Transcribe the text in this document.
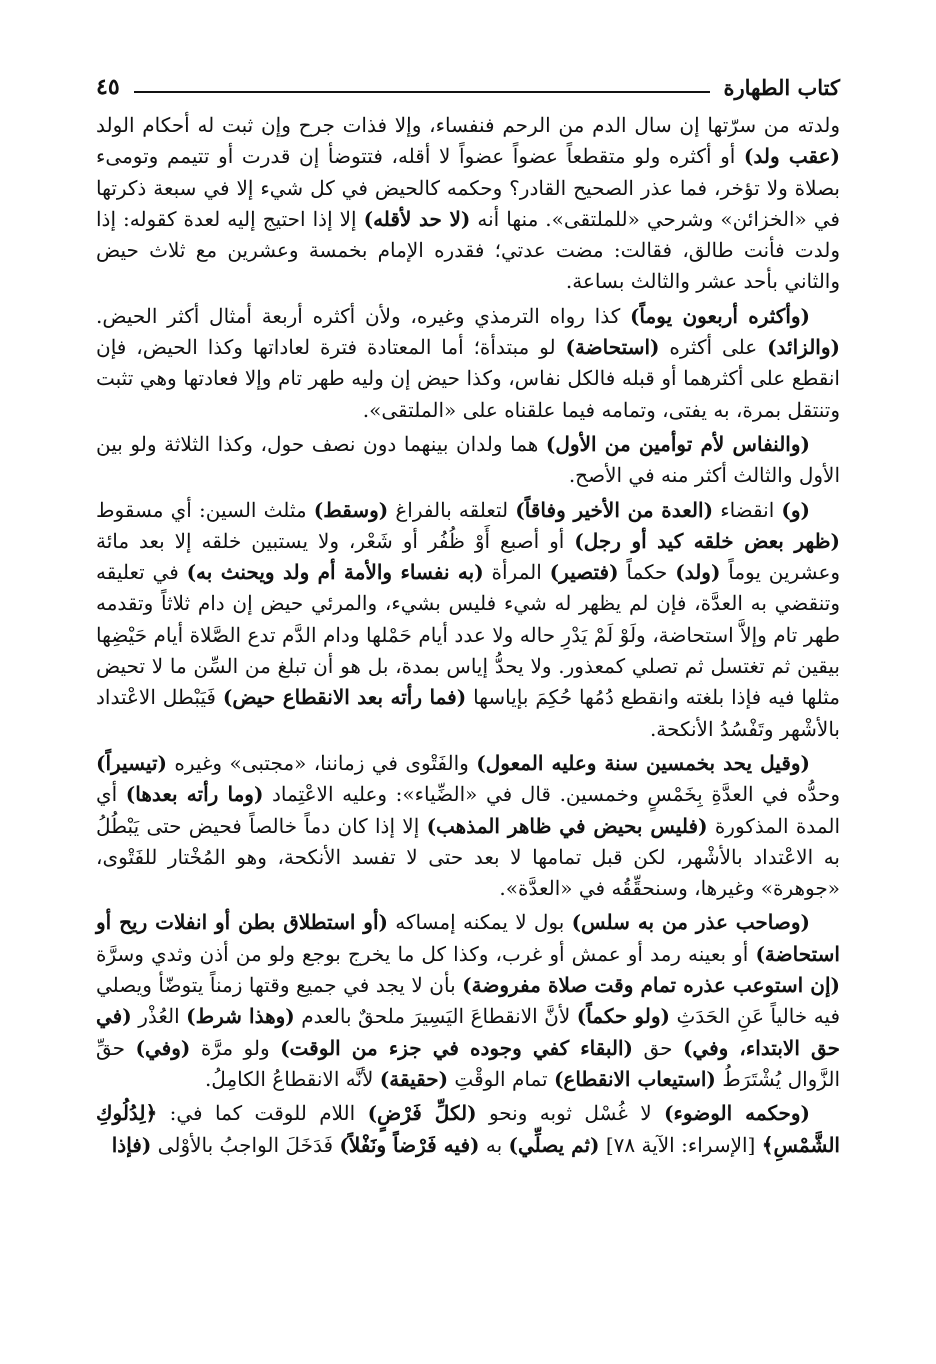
كتاب الطهارة
٤٥

ولدته من سرّتها إن سال الدم من الرحم فنفساء، وإلا فذات جرح وإن ثبت له أحكام الولد (عقب ولد) أو أكثره ولو متقطعاً عضواً عضواً لا أقله، فتتوضأ إن قدرت أو تتيمم وتومىء بصلاة ولا تؤخر، فما عذر الصحيح القادر؟ وحكمه كالحيض في كل شيء إلا في سبعة ذكرتها في «الخزائن» وشرحي «للملتقى». منها أنه (لا حد لأقله) إلا إذا احتيج إليه لعدة كقوله: إذا ولدت فأنت طالق، فقالت: مضت عدتي؛ فقدره الإمام بخمسة وعشرين مع ثلاث حيض والثاني بأحد عشر والثالث بساعة.

(وأكثره أربعون يوماً) كذا رواه الترمذي وغيره، ولأن أكثره أربعة أمثال أكثر الحيض. (والزائد) على أكثره (استحاضة) لو مبتدأة؛ أما المعتادة فترة لعاداتها وكذا الحيض، فإن انقطع على أكثرهما أو قبله فالكل نفاس، وكذا حيض إن وليه طهر تام وإلا فعادتها وهي تثبت وتنتقل بمرة، به يفتى، وتمامه فيما علقناه على «الملتقى».

(والنفاس لأم توأمين من الأول) هما ولدان بينهما دون نصف حول، وكذا الثلاثة ولو بين الأول والثالث أكثر منه في الأصح.

(و) انقضاء (العدة من الأخير وفاقاً) لتعلقه بالفراغ (وسقط) مثلث السين: أي مسقوط (ظهر بعض خلقه كيد أو رجل) أو أصبع أَوْ ظُفُر أو شَعْر، ولا يستبين خلقه إلا بعد مائة وعشرين يوماً (ولد) حكماً (فتصير) المرأة (به نفساء والأمة أم ولد ويحنث به) في تعليقه وتنقضي به العدَّة، فإن لم يظهر له شيء فليس بشيء، والمرئي حيض إن دام ثلاثاً وتقدمه طهر تام وإلاَّ استحاضة، ولَوْ لَمْ يَدْرِ حاله ولا عدد أيام حَمْلها ودام الدَّم تدع الصَّلاة أيام حَيْضِها بيقين ثم تغتسل ثم تصلي كمعذور. ولا يحدُّ إياس بمدة، بل هو أن تبلغ من السِّن ما لا تحيض مثلها فيه فإذا بلغته وانقطع دُمُها حُكِمَ بإياسها (فما رأته بعد الانقطاع حيض) فَيَبْطل الاعْتداد بالأشْهر وتَفْسُدُ الأنكحة.

(وقيل يحد بخمسين سنة وعليه المعول) والفَتْوى في زماننا، «مجتبى» وغيره (تيسيراً) وحدُّه في العدَّةِ بِخَمْسٍ وخمسين. قال في «الضِّياء»: وعليه الاعْتِماد (وما رأته بعدها) أي المدة المذكورة (فليس بحيض في ظاهر المذهب) إلا إذا كان دماً خالصاً فحيض حتى يَبْطُلُ به الاعْتداد بالأشْهر، لكن قبل تمامها لا بعد حتى لا تفسد الأنكحة، وهو المُخْتار للفَتْوى، «جوهرة» وغيرها، وسنحقِّقُه في «العدَّة».

(وصاحب عذر من به سلس) بول لا يمكنه إمساكه (أو استطلاق بطن أو انفلات ريح أو استحاضة) أو بعينه رمد أو عمش أو غرب، وكذا كل ما يخرج بوجع ولو من أذن وثدي وسرَّة (إن استوعب عذره تمام وقت صلاة مفروضة) بأن لا يجد في جميع وقتها زمناً يتوضّأ ويصلي فيه خالياً عَنِ الحَدَثِ (ولو حكماً) لأنَّ الانقطاعَ اليَسِيرَ ملحقٌ بالعدم (وهذا شرط) العُذْر (في حق الابتداء، وفي) حق (البقاء كفي وجوده في جزء من الوقت) ولو مرَّة (وفي) حقِّ الزَّوال يُشْتَرَطُ (استيعاب الانقطاع) تمام الوقْتِ (حقيقة) لأنَّه الانقطاعُ الكامِلُ.

(وحكمه الوضوء) لا غُسْل ثوبه ونحو (لكلِّ فَرْضٍ) اللام للوقت كما في: ﴿لِدُلُوكِ الشَّمْسِ﴾ [الإسراء: الآية ٧٨] (ثم يصلِّي) به (فيه فَرْضاً ونَفْلاً) فَدَخَلَ الواجبُ بالأوْلى (فإذا
